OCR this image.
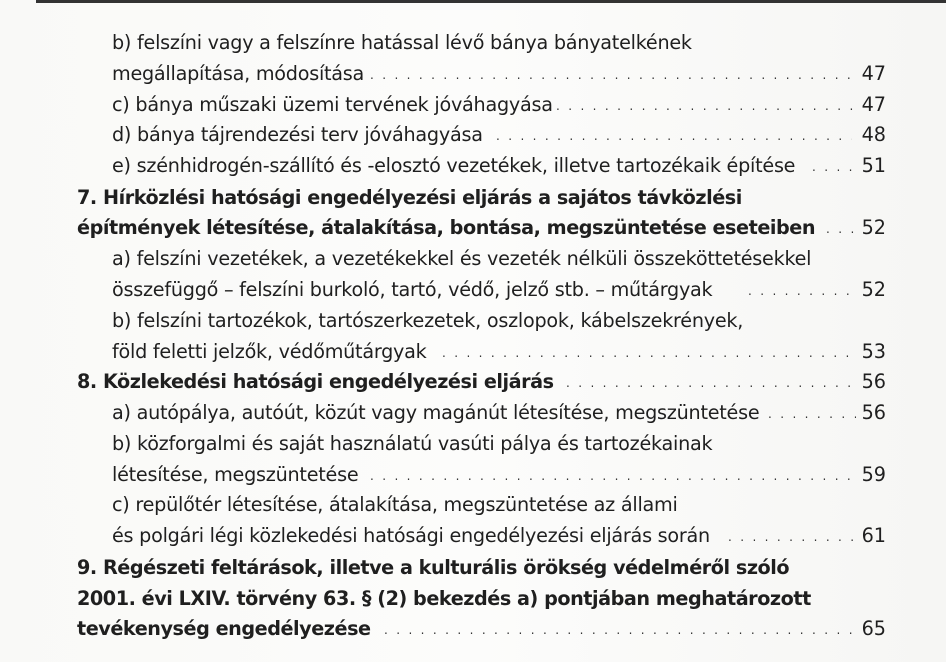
b) felszíni vagy a felszínre hatással lévő bánya bányatelkének
megállapítása, módosítása . . .	47
c) bánya műszaki üzemi tervének jóváhagyása . . .	47
d) bánya tájrendezési terv jóváhagyása . . .	48
e) szénhidrogén-szállító és -elosztó vezetékek, illetve tartozékaik építése . . .	51
7. Hírközlési hatósági engedélyezési eljárás a sajátos távközlési
építmények létesítése, átalakítása, bontása, megszüntetése eseteiben . . . 52
a) felszíni vezetékek, a vezetékekkel és vezeték nélküli összeköttetésekkel
összefüggő – felszíni burkoló, tartó, védő, jelző stb. – műtárgyak . . .	52
b) felszíni tartozékok, tartószerkezetek, oszlopok, kábelszekrények,
föld feletti jelzők, védőműtárgyak . . .	53
8. Közlekedési hatósági engedélyezési eljárás . . .	56
a) autópálya, autóút, közút vagy magánút létesítése, megszüntetése . . .	56
b) közforgalmi és saját használatú vasúti pálya és tartozékainak
létesítése, megszüntetése . . .	59
c) repülőtér létesítése, átalakítása, megszüntetése az állami
és polgári légi közlekedési hatósági engedélyezési eljárás során . . .	61
9. Régészeti feltárások, illetve a kulturális örökség védelméről szóló
2001. évi LXIV. törvény 63. § (2) bekezdés a) pontjában meghatározott
tevékenység engedélyezése . . .	65
